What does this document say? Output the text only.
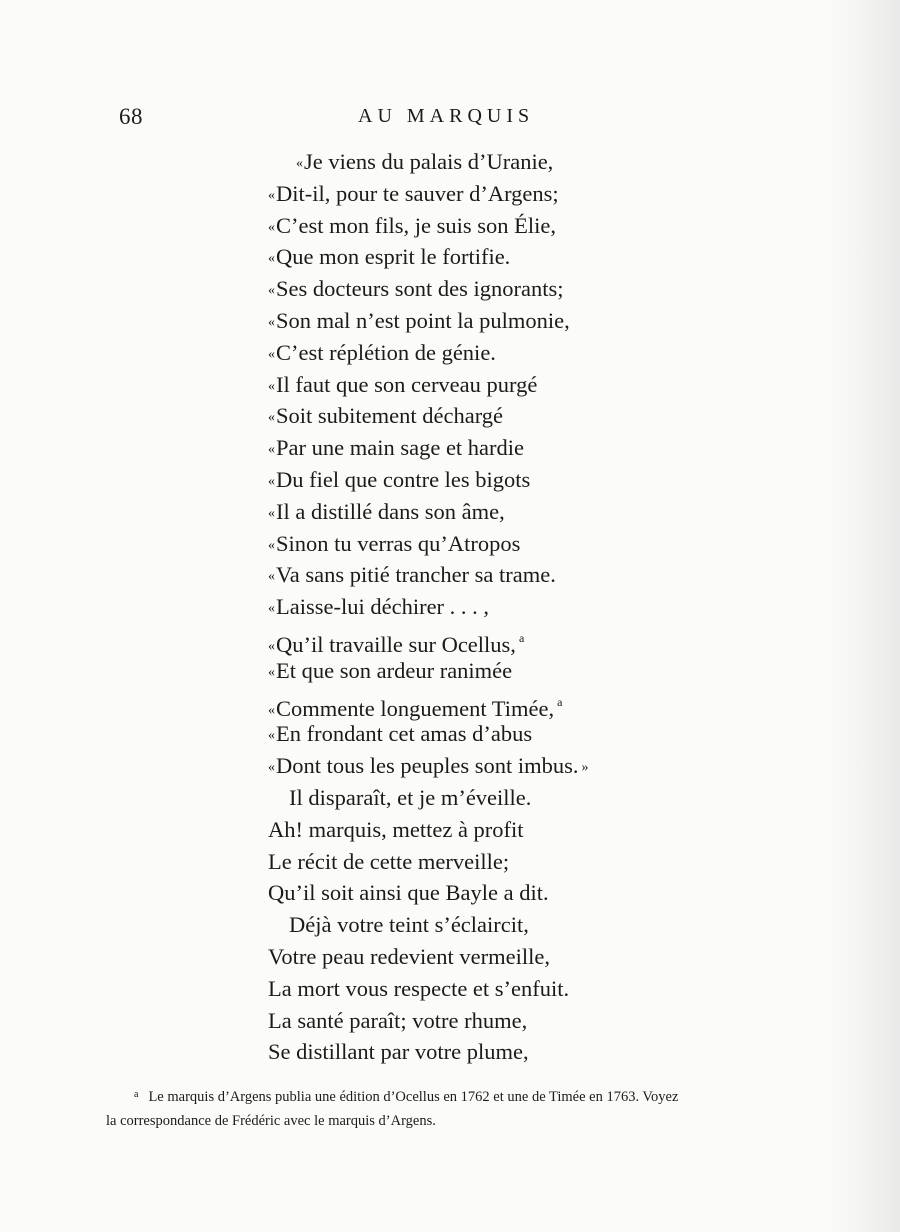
68	AU MARQUIS
«Je viens du palais d’Uranie,
«Dit-il, pour te sauver d’Argens;
«C’est mon fils, je suis son Élie,
«Que mon esprit le fortifie.
«Ses docteurs sont des ignorants;
«Son mal n’est point la pulmonie,
«C’est réplétion de génie.
«Il faut que son cerveau purgé
«Soit subitement déchargé
«Par une main sage et hardie
«Du fiel que contre les bigots
«Il a distillé dans son âme,
«Sinon tu verras qu’Atropos
«Va sans pitié trancher sa trame.
«Laisse-lui déchirer . . . ,
«Qu’il travaille sur Ocellus, $^a$
«Et que son ardeur ranimée
«Commente longuement Timée, $^a$
«En frondant cet amas d’abus
«Dont tous les peuples sont imbus. »
Il disparaît, et je m’éveille.
Ah! marquis, mettez à profit
Le récit de cette merveille;
Qu’il soit ainsi que Bayle a dit.
Déjà votre teint s’éclaircit,
Votre peau redevient vermeille,
La mort vous respecte et s’enfuit.
La santé paraît; votre rhume,
Se distillant par votre plume,
$^a$ Le marquis d’Argens publia une édition d’Ocellus en 1762 et une de Timée en 1763. Voyez
la correspondance de Frédéric avec le marquis d’Argens.
